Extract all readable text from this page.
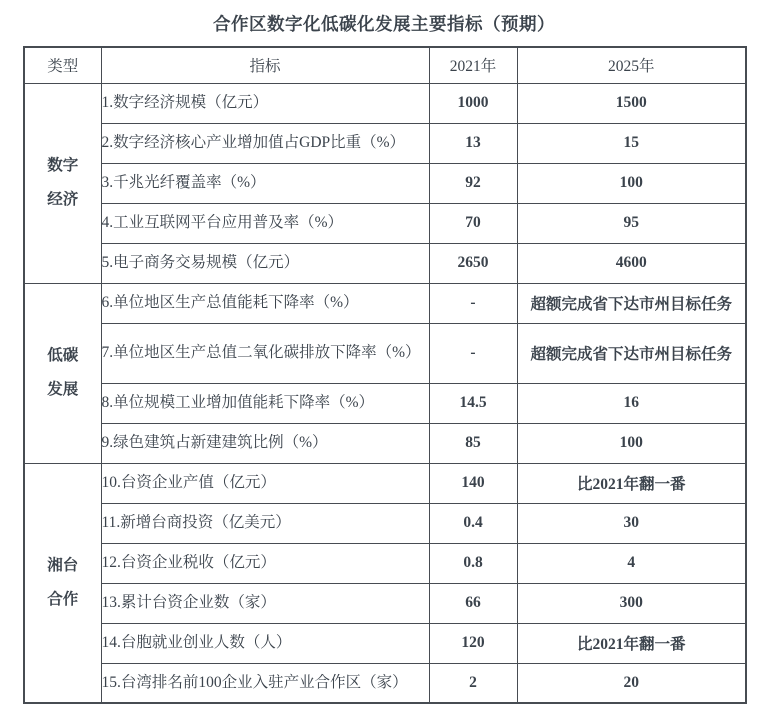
合作区数字化低碳化发展主要指标（预期）
类型	指标	2021年	2025年

数字
经济	1.数字经济规模（亿元）	1000	1500
	2.数字经济核心产业增加值占GDP比重（%）	13	15
	3.千兆光纤覆盖率（%）	92	100
	4.工业互联网平台应用普及率（%）	70	95
	5.电子商务交易规模（亿元）	2650	4600

低碳
发展	6.单位地区生产总值能耗下降率（%）	-	超额完成省下达市州目标任务
	7.单位地区生产总值二氧化碳排放下降率（%）	-	超额完成省下达市州目标任务
	8.单位规模工业增加值能耗下降率（%）	14.5	16
	9.绿色建筑占新建建筑比例（%）	85	100

湘台
合作	10.台资企业产值（亿元）	140	比2021年翻一番
	11.新增台商投资（亿美元）	0.4	30
	12.台资企业税收（亿元）	0.8	4
	13.累计台资企业数（家）	66	300
	14.台胞就业创业人数（人）	120	比2021年翻一番
	15.台湾排名前100企业入驻产业合作区（家）	2	20
